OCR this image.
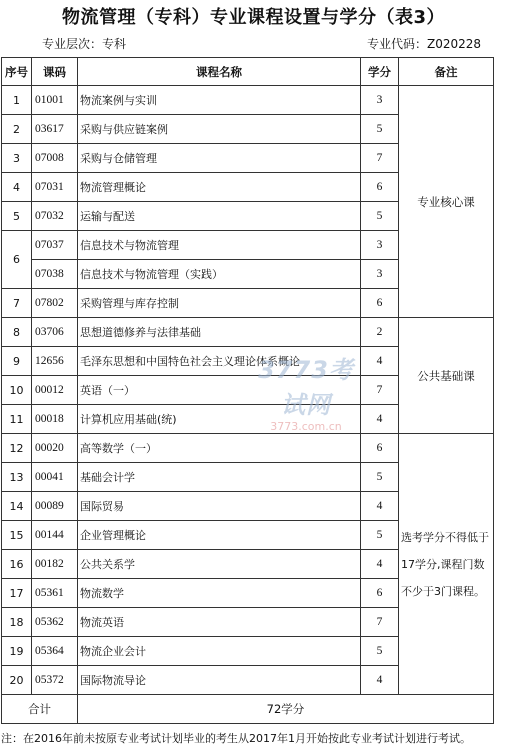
物流管理（专科）专业课程设置与学分（表3）
专业层次：专科	专业代码：Z020228
序号	课码	课程名称	学分	备注
1	01001	物流案例与实训	3	专业核心课
2	03617	采购与供应链案例	5	
3	07008	采购与仓储管理	7	
4	07031	物流管理概论	6	
5	07032	运输与配送	5	
6	07037	信息技术与物流管理	3	
	07038	信息技术与物流管理（实践）	3	
7	07802	采购管理与库存控制	6	
8	03706	思想道德修养与法律基础	2	公共基础课
9	12656	毛泽东思想和中国特色社会主义理论体系概论	4	
10	00012	英语（一）	7	
11	00018	计算机应用基础(统)	4	
12	00020	高等数学（一）	6	选考学分不得低于17学分,课程门数不少于3门课程。
13	00041	基础会计学	5	
14	00089	国际贸易	4	
15	00144	企业管理概论	5	
16	00182	公共关系学	4	
17	05361	物流数学	6	
18	05362	物流英语	7	
19	05364	物流企业会计	5	
20	05372	国际物流导论	4	
合计		72学分		
注：在2016年前未按原专业考试计划毕业的考生从2017年1月开始按此专业考试计划进行考试。
3773考试网
3773.com.cn
